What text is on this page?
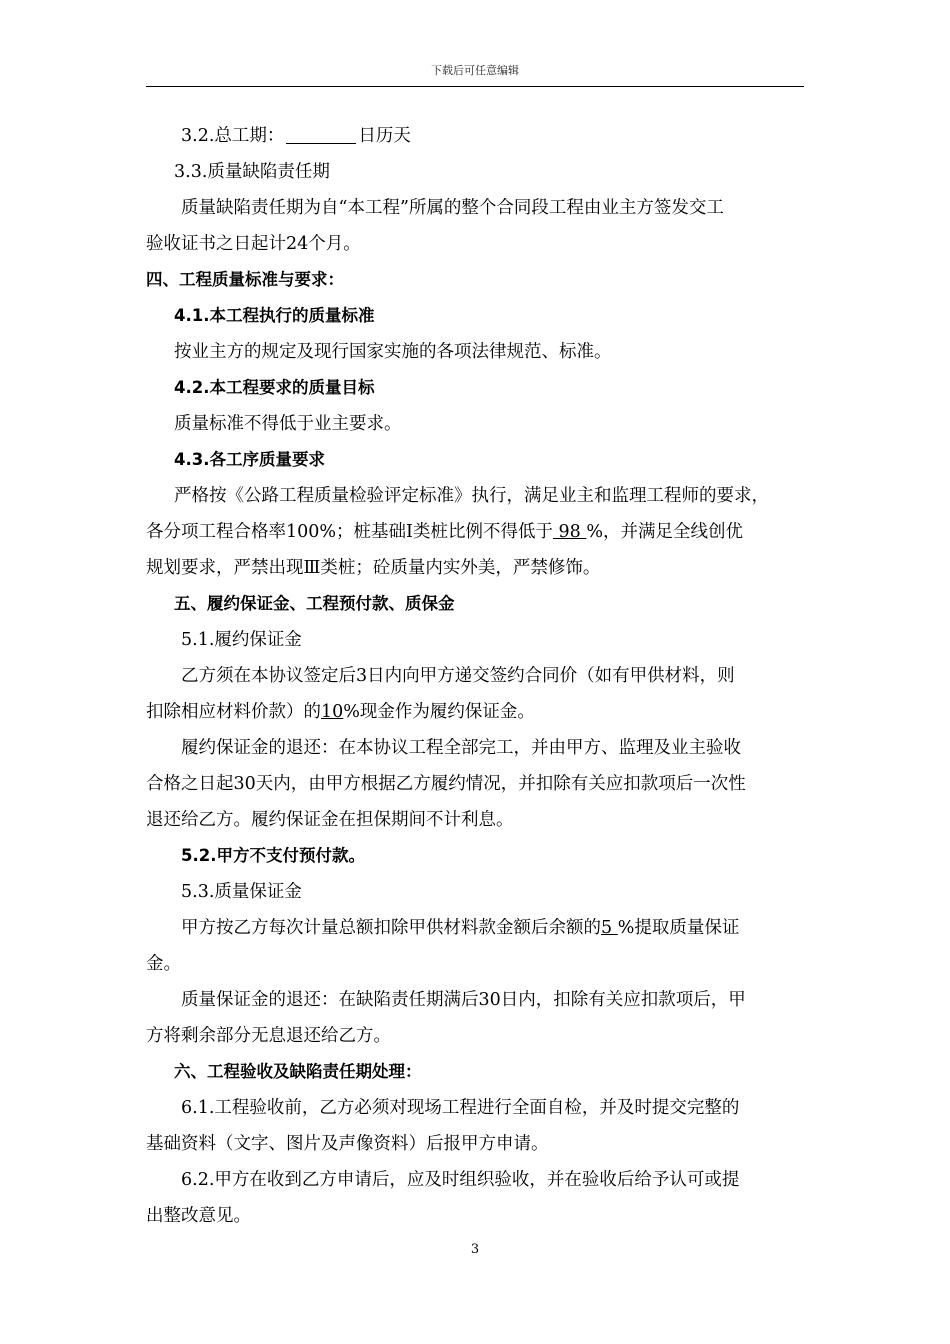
下载后可任意编辑

3.2.总工期：	日历天

3.3.质量缺陷责任期

质量缺陷责任期为自“本工程”所属的整个合同段工程由业主方签发交工

验收证书之日起计24个月。

四、工程质量标准与要求：

4.1.本工程执行的质量标准

按业主方的规定及现行国家实施的各项法律规范、标准。

4.2.本工程要求的质量目标

质量标准不得低于业主要求。

4.3.各工序质量要求

严格按《公路工程质量检验评定标准》执行，满足业主和监理工程师的要求，

各分项工程合格率100%；桩基础Ⅰ类桩比例不得低于 98 %，并满足全线创优

规划要求，严禁出现Ⅲ类桩；砼质量内实外美，严禁修饰。

五、履约保证金、工程预付款、质保金

5.1.履约保证金

乙方须在本协议签定后3日内向甲方递交签约合同价（如有甲供材料，则

扣除相应材料价款）的10%现金作为履约保证金。

履约保证金的退还：在本协议工程全部完工，并由甲方、监理及业主验收

合格之日起30天内，由甲方根据乙方履约情况，并扣除有关应扣款项后一次性

退还给乙方。履约保证金在担保期间不计利息。

5.2.甲方不支付预付款。

5.3.质量保证金

甲方按乙方每次计量总额扣除甲供材料款金额后余额的5 %提取质量保证

金。

质量保证金的退还：在缺陷责任期满后30日内，扣除有关应扣款项后，甲

方将剩余部分无息退还给乙方。

六、工程验收及缺陷责任期处理：

6.1.工程验收前，乙方必须对现场工程进行全面自检，并及时提交完整的

基础资料（文字、图片及声像资料）后报甲方申请。

6.2.甲方在收到乙方申请后，应及时组织验收，并在验收后给予认可或提

出整改意见。

3
